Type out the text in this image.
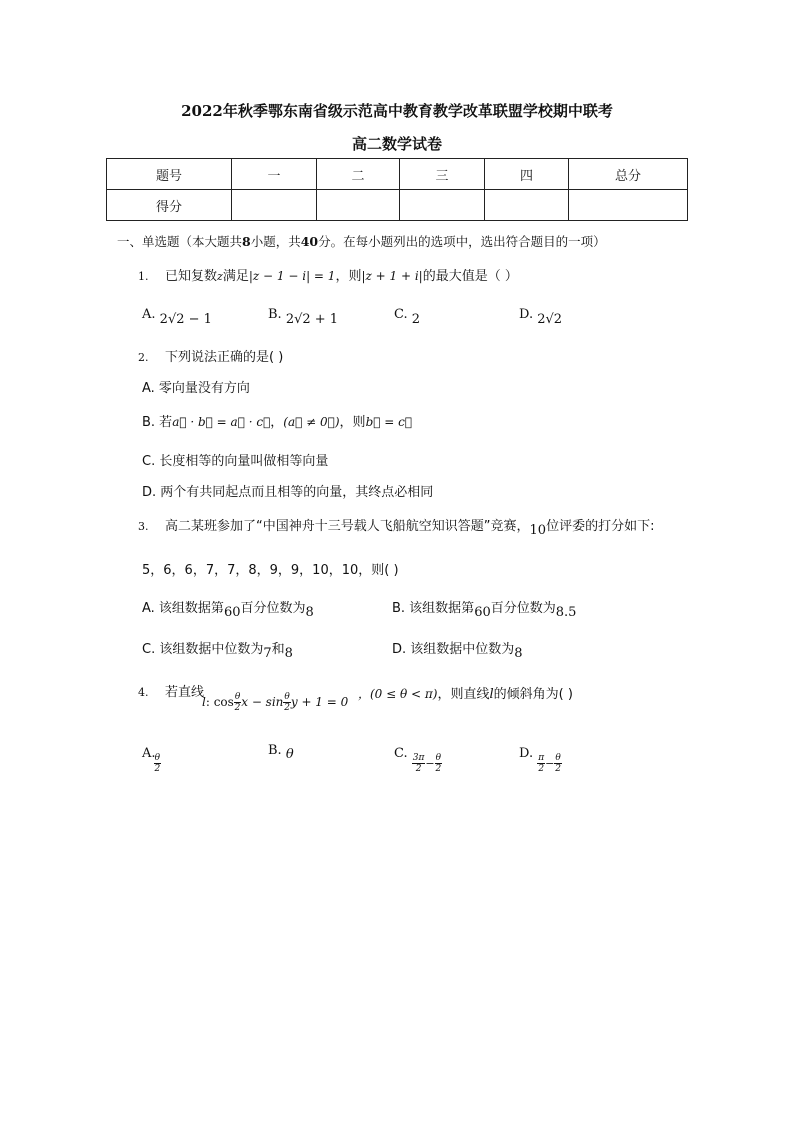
2022年秋季鄂东南省级示范高中教育教学改革联盟学校期中联考
高二数学试卷
题号	一	二	三	四	总分
得分					
一、单选题（本大题共8小题，共40分。在每小题列出的选项中，选出符合题目的一项）
1. 已知复数z满足|z − 1 − i| = 1，则|z + 1 + i|的最大值是（ ）
A. 2√2 − 1	B. 2√2 + 1	C. 2	D. 2√2
2. 下列说法正确的是( )
A. 零向量没有方向
B. 若a⃗ · b⃗ = a⃗ · c⃗，(a⃗ ≠ 0⃗)，则b⃗ = c⃗
C. 长度相等的向量叫做相等向量
D. 两个有共同起点而且相等的向量，其终点必相同
3. 高二某班参加了“中国神舟十三号载人飞船航空知识答题”竞赛，10位评委的打分如下:
5，6，6，7，7，8，9，9，10，10，则( )
A. 该组数据第60百分位数为8	B. 该组数据第60百分位数为8.5
C. 该组数据中位数为7和8	D. 该组数据中位数为8
4. 若直线
l: $\cos \frac{\theta}{2}$ $x - \sin \frac{\theta}{2}$ y + 1 = 0
，(0 ≤ θ < π)，则直线l的倾斜角为( )
A.
$\frac{\theta}{2}$
B. θ	C. $\frac{3\pi}{2} - \frac{\theta}{2}$	D. $\frac{\pi}{2} - \frac{\theta}{2}$
